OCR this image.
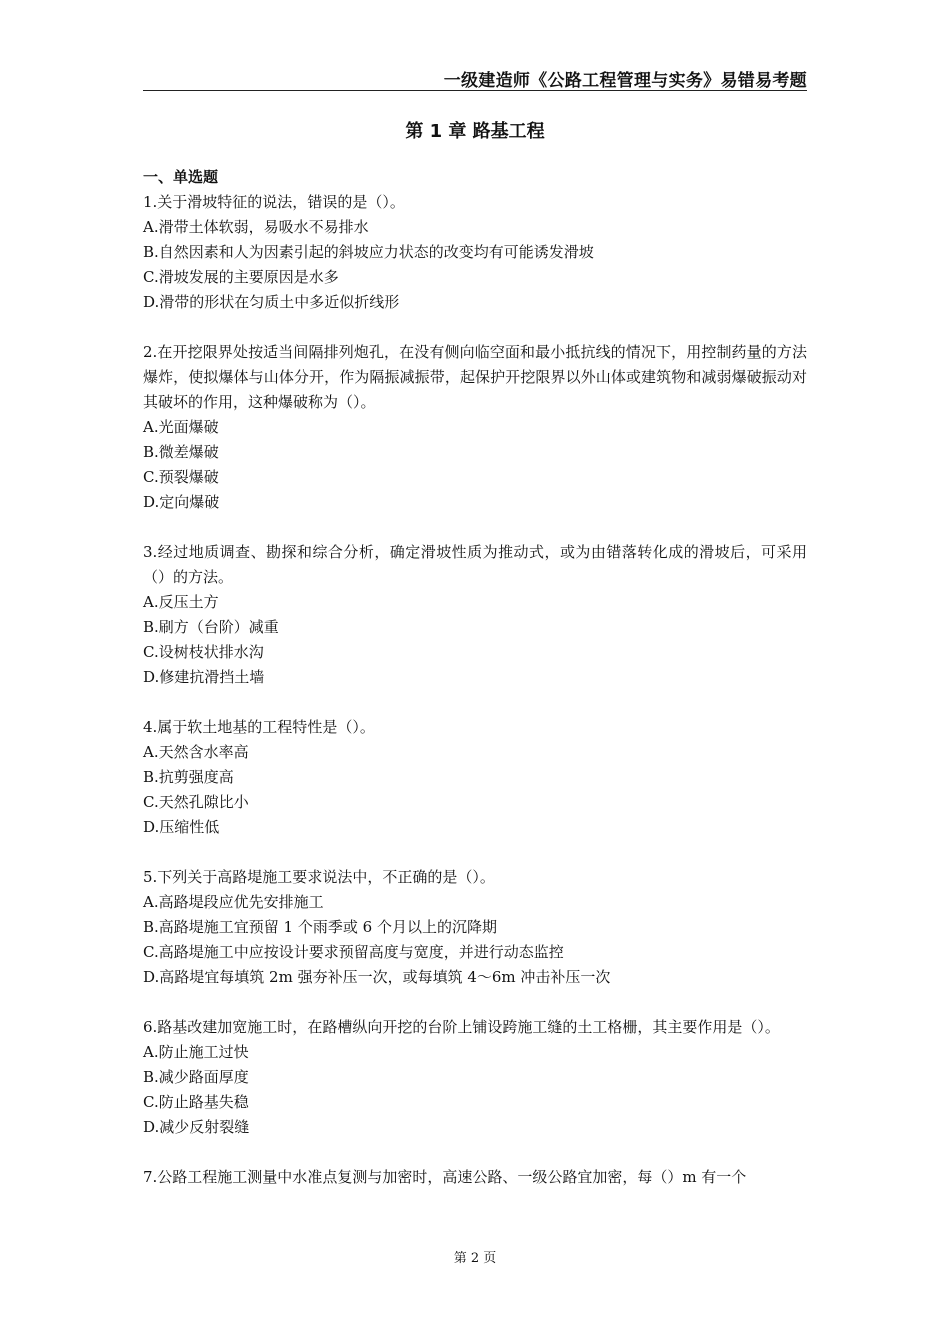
一级建造师《公路工程管理与实务》易错易考题
第 1 章 路基工程
一、单选题

1.关于滑坡特征的说法，错误的是（）。

A.滑带土体软弱，易吸水不易排水

B.自然因素和人为因素引起的斜坡应力状态的改变均有可能诱发滑坡

C.滑坡发展的主要原因是水多

D.滑带的形状在匀质土中多近似折线形

2.在开挖限界处按适当间隔排列炮孔，在没有侧向临空面和最小抵抗线的情况下，用控制药量的方法爆炸，使拟爆体与山体分开，作为隔振减振带，起保护开挖限界以外山体或建筑物和减弱爆破振动对其破坏的作用，这种爆破称为（）。

A.光面爆破

B.微差爆破

C.预裂爆破

D.定向爆破

3.经过地质调查、勘探和综合分析，确定滑坡性质为推动式，或为由错落转化成的滑坡后，可采用（）的方法。

A.反压土方

B.刷方（台阶）减重

C.设树枝状排水沟

D.修建抗滑挡土墙

4.属于软土地基的工程特性是（）。

A.天然含水率高

B.抗剪强度高

C.天然孔隙比小

D.压缩性低

5.下列关于高路堤施工要求说法中，不正确的是（）。

A.高路堤段应优先安排施工

B.高路堤施工宜预留 1 个雨季或 6 个月以上的沉降期

C.高路堤施工中应按设计要求预留高度与宽度，并进行动态监控

D.高路堤宜每填筑 2m 强夯补压一次，或每填筑 4～6m 冲击补压一次

6.路基改建加宽施工时，在路槽纵向开挖的台阶上铺设跨施工缝的土工格栅，其主要作用是（）。

A.防止施工过快

B.减少路面厚度

C.防止路基失稳

D.减少反射裂缝

7.公路工程施工测量中水准点复测与加密时，高速公路、一级公路宜加密，每（）m 有一个

第 2 页
